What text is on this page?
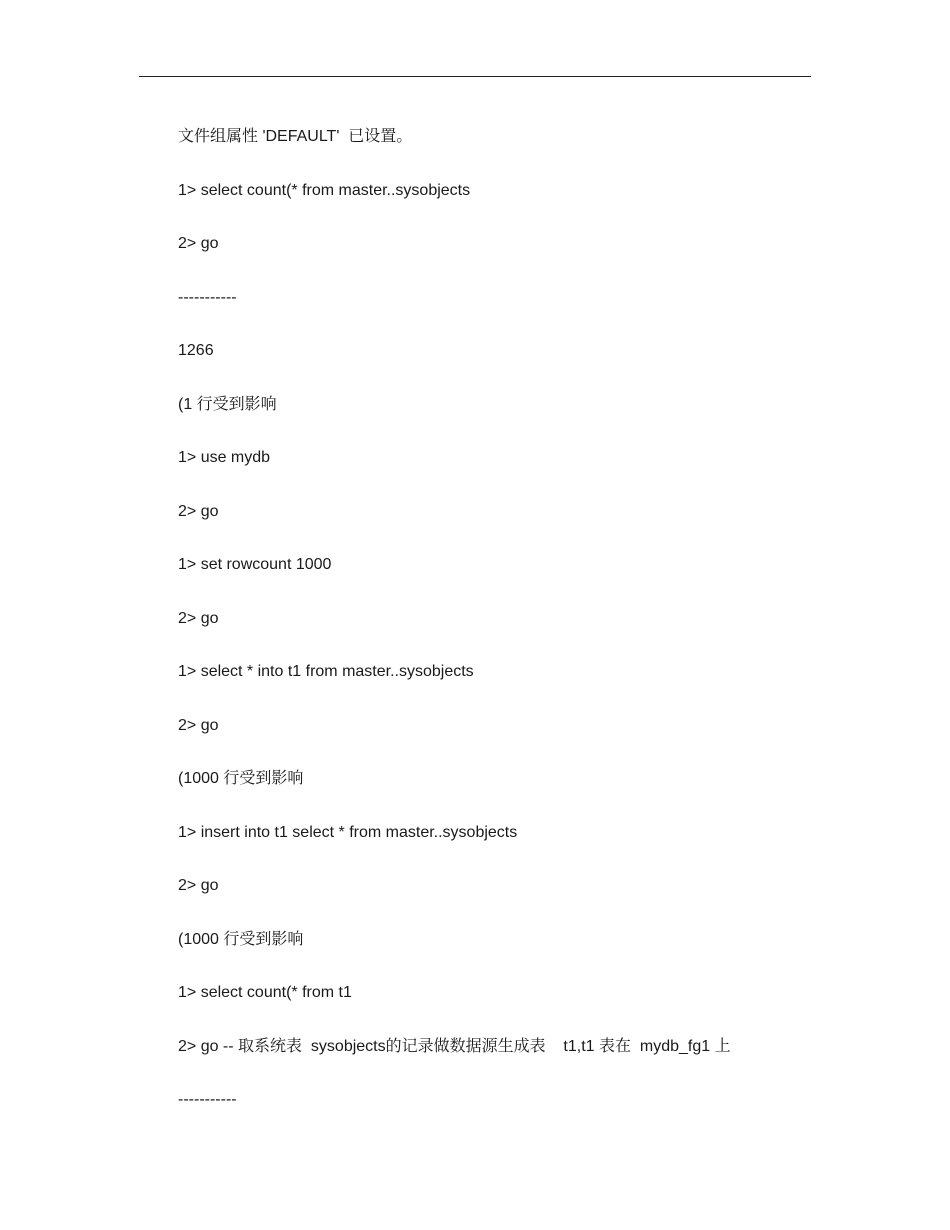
文件组属性 'DEFAULT'  已设置。
1> select count(* from master..sysobjects
2> go
-----------
1266
(1 行受到影响
1> use mydb
2> go
1> set rowcount 1000
2> go
1> select * into t1 from master..sysobjects
2> go
(1000 行受到影响
1> insert into t1 select * from master..sysobjects
2> go
(1000 行受到影响
1> select count(* from t1
2> go -- 取系统表  sysobjects的记录做数据源生成表    t1,t1 表在  mydb_fg1 上
-----------
